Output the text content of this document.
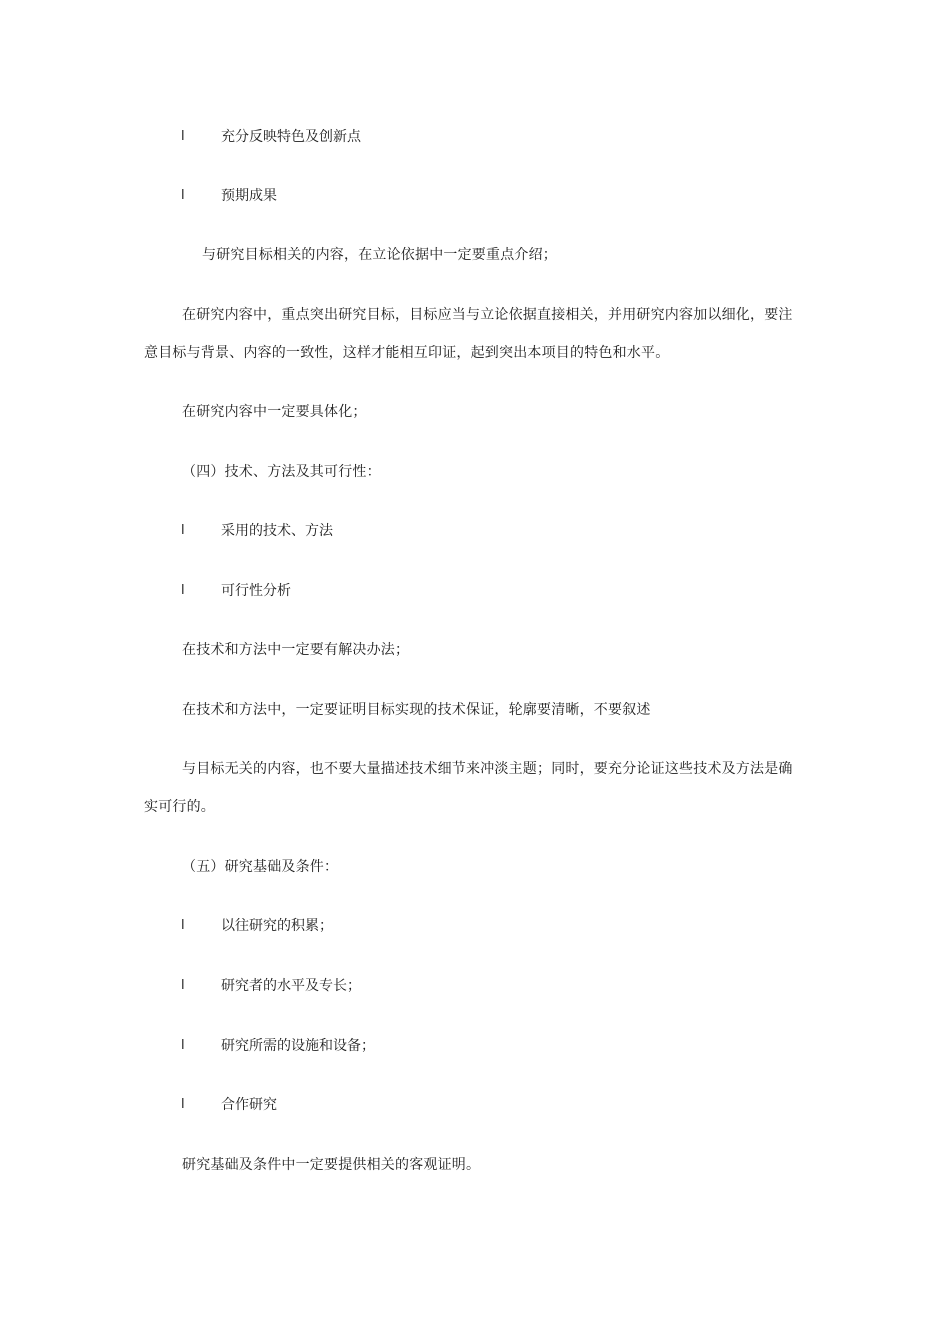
l	充分反映特色及创新点
l	预期成果
与研究目标相关的内容，在立论依据中一定要重点介绍；
在研究内容中，重点突出研究目标，目标应当与立论依据直接相关，并用研究内容加以细化，要注
意目标与背景、内容的一致性，这样才能相互印证，起到突出本项目的特色和水平。
在研究内容中一定要具体化；
（四）技术、方法及其可行性：
l	采用的技术、方法
l	可行性分析
在技术和方法中一定要有解决办法；
在技术和方法中，一定要证明目标实现的技术保证，轮廓要清晰，不要叙述
与目标无关的内容，也不要大量描述技术细节来冲淡主题；同时，要充分论证这些技术及方法是确
实可行的。
（五）研究基础及条件：
l	以往研究的积累；
l	研究者的水平及专长；
l	研究所需的设施和设备；
l	合作研究
研究基础及条件中一定要提供相关的客观证明。
